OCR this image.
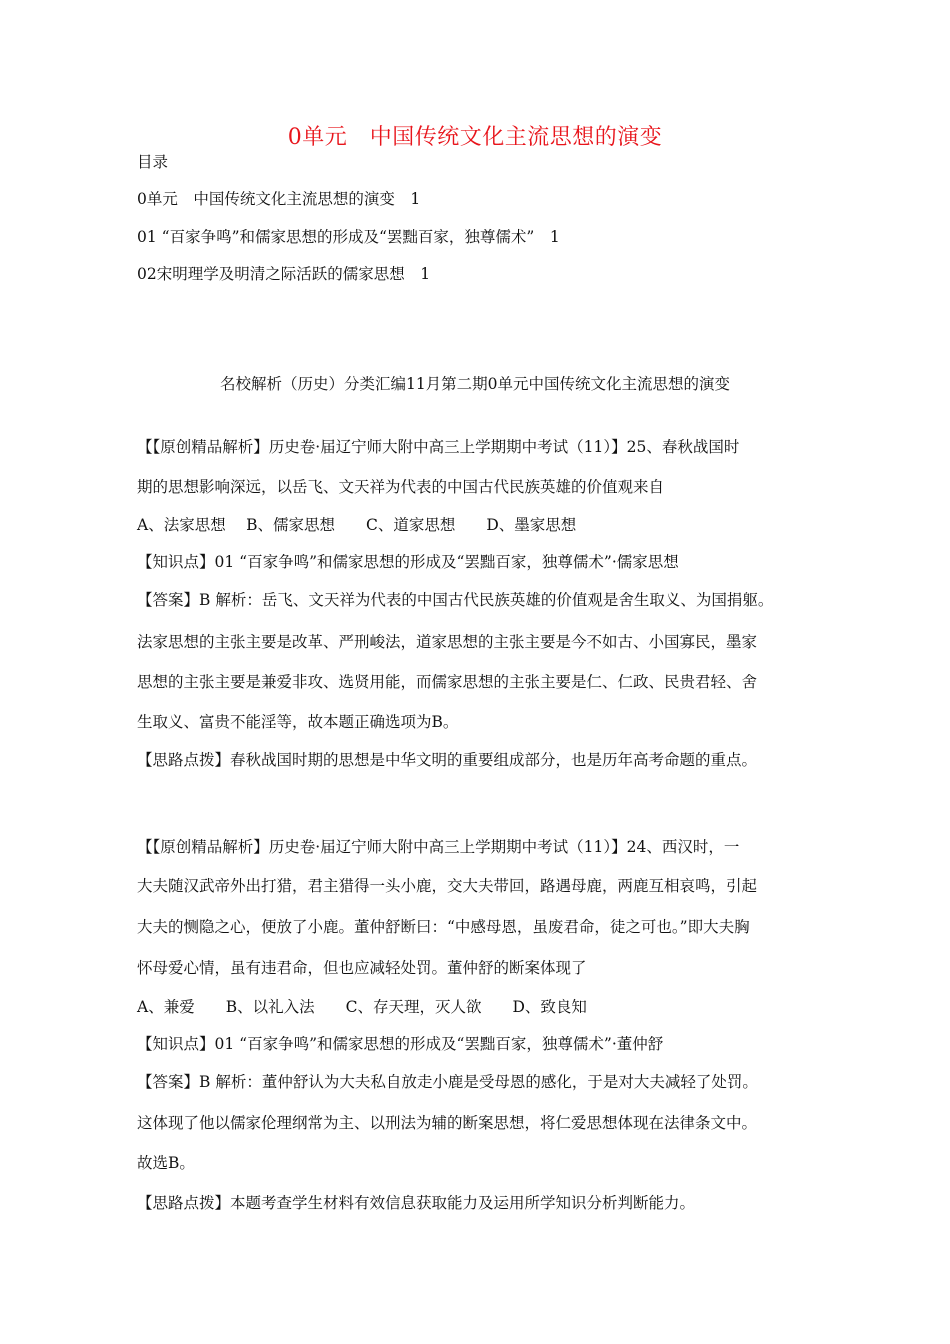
0单元　中国传统文化主流思想的演变
目录
0单元　中国传统文化主流思想的演变　1
01 “百家争鸣”和儒家思想的形成及“罢黜百家，独尊儒术”　1
02宋明理学及明清之际活跃的儒家思想　1
名校解析（历史）分类汇编11月第二期0单元中国传统文化主流思想的演变
【【原创精品解析】历史卷·届辽宁师大附中高三上学期期中考试（11）】25、春秋战国时
期的思想影响深远，以岳飞、文天祥为代表的中国古代民族英雄的价值观来自
A、法家思想　 B、儒家思想　　C、道家思想　　D、墨家思想
【知识点】01 “百家争鸣”和儒家思想的形成及“罢黜百家，独尊儒术”·儒家思想
【答案】B 解析：岳飞、文天祥为代表的中国古代民族英雄的价值观是舍生取义、为国捐躯。
法家思想的主张主要是改革、严刑峻法，道家思想的主张主要是今不如古、小国寡民，墨家
思想的主张主要是兼爱非攻、选贤用能，而儒家思想的主张主要是仁、仁政、民贵君轻、舍
生取义、富贵不能淫等，故本题正确选项为B。
【思路点拨】春秋战国时期的思想是中华文明的重要组成部分，也是历年高考命题的重点。
【【原创精品解析】历史卷·届辽宁师大附中高三上学期期中考试（11）】24、西汉时，一
大夫随汉武帝外出打猎，君主猎得一头小鹿，交大夫带回，路遇母鹿，两鹿互相哀鸣，引起
大夫的恻隐之心，便放了小鹿。董仲舒断曰：“中感母恩，虽废君命，徒之可也。”即大夫胸
怀母爱心情，虽有违君命，但也应减轻处罚。董仲舒的断案体现了
A、兼爱　　B、以礼入法　　C、存天理，灭人欲　　D、致良知
【知识点】01 “百家争鸣”和儒家思想的形成及“罢黜百家，独尊儒术”·董仲舒
【答案】B 解析：董仲舒认为大夫私自放走小鹿是受母恩的感化，于是对大夫减轻了处罚。
这体现了他以儒家伦理纲常为主、以刑法为辅的断案思想，将仁爱思想体现在法律条文中。
故选B。
【思路点拨】本题考查学生材料有效信息获取能力及运用所学知识分析判断能力。
